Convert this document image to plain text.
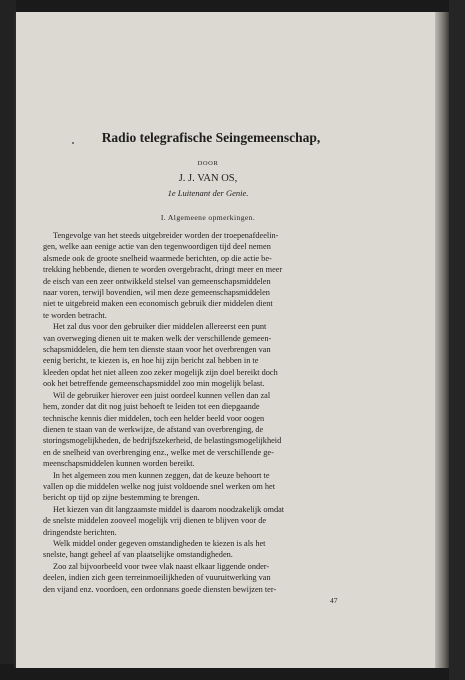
Radio telegrafische Seingemeenschap,
DOOR
J. J. VAN OS,
1e Luitenant der Genie.
I. Algemeene opmerkingen.

Tengevolge van het steeds uitgebreider worden der troepenafdeelin-
gen, welke aan eenige actie van den tegenwoordigen tijd deel nemen
alsmede ook de groote snelheid waarmede berichten, op die actie be-
trekking hebbende, dienen te worden overgebracht, dringt meer en meer
de eisch van een zeer ontwikkeld stelsel van gemeenschapsmiddelen
naar voren, terwijl bovendien, wil men deze gemeenschapsmiddelen
niet te uitgebreid maken een economisch gebruik dier middelen dient
te worden betracht.

Het zal dus voor den gebruiker dier middelen allereerst een punt
van overweging dienen uit te maken welk der verschillende gemeen-
schapsmiddelen, die hem ten dienste staan voor het overbrengen van
eenig bericht, te kiezen is, en hoe hij zijn bericht zal hebben in te
kleeden opdat het niet alleen zoo zeker mogelijk zijn doel bereikt doch
ook het betreffende gemeenschapsmiddel zoo min mogelijk belast.

Wil de gebruiker hierover een juist oordeel kunnen vellen dan zal
hem, zonder dat dit nog juist behoeft te leiden tot een diepgaande
technische kennis dier middelen, toch een helder beeld voor oogen
dienen te staan van de werkwijze, de afstand van overbrenging, de
storingsmogelijkheden, de bedrijfszekerheid, de belastingsmogelijkheid
en de snelheid van overbrenging enz., welke met de verschillende ge-
meenschapsmiddelen kunnen worden bereikt.

In het algemeen zou men kunnen zeggen, dat de keuze behoort te
vallen op die middelen welke nog juist voldoende snel werken om het
bericht op tijd op zijne bestemming te brengen.

Het kiezen van dit langzaamste middel is daarom noodzakelijk omdat
de snelste middelen zooveel mogelijk vrij dienen te blijven voor de
dringendste berichten.

Welk middel onder gegeven omstandigheden te kiezen is als het
snelste, hangt geheel af van plaatselijke omstandigheden.

Zoo zal bijvoorbeeld voor twee vlak naast elkaar liggende onder-
deelen, indien zich geen terreinmoeilijkheden of vuuruitwerking van
den vijand enz. voordoen, een ordonnans goede diensten bewijzen ter-

47
